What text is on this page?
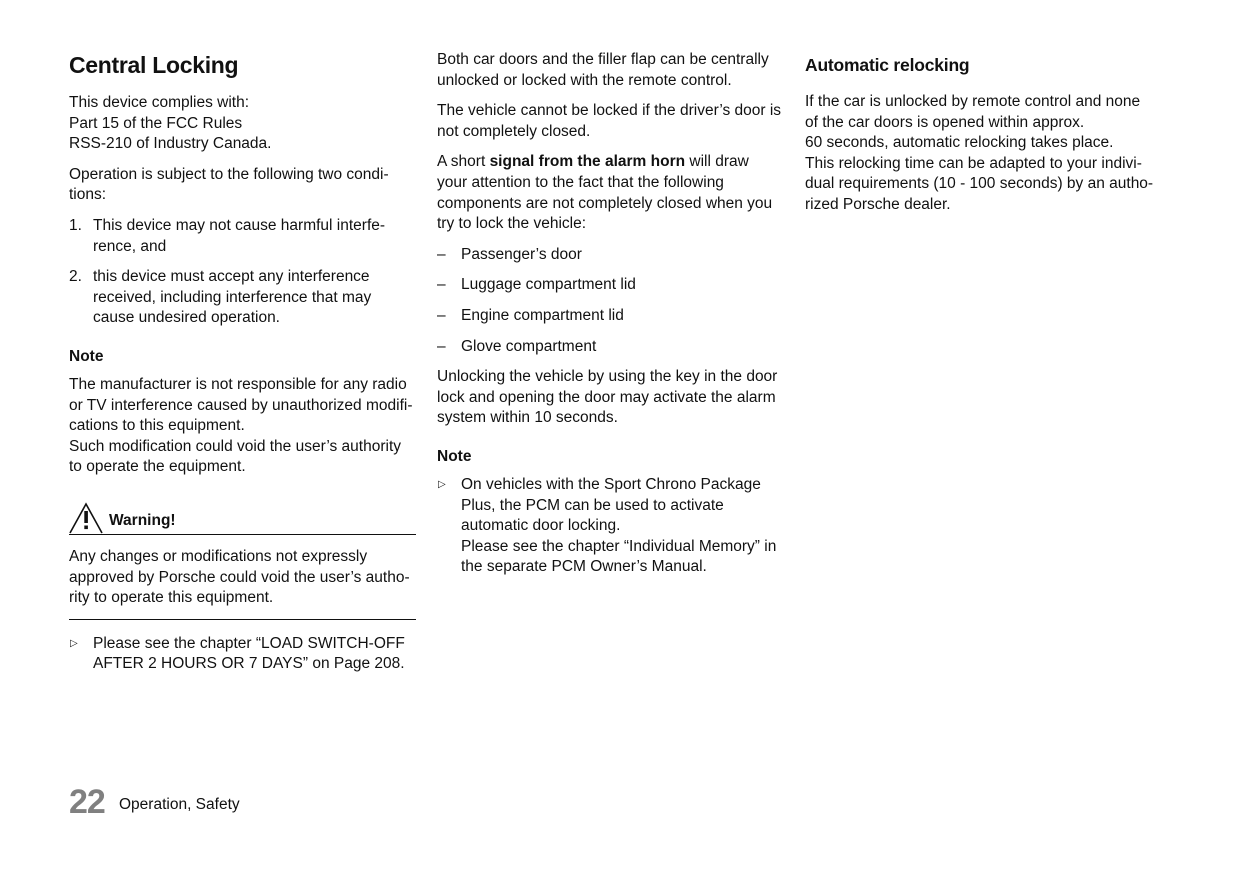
Central Locking

This device complies with:
Part 15 of the FCC Rules
RSS-210 of Industry Canada.

Operation is subject to the following two condi-
tions:

1. This device may not cause harmful interfe-
rence, and
2. this device must accept any interference
received, including interference that may
cause undesired operation.
Note

The manufacturer is not responsible for any radio
or TV interference caused by unauthorized modifi-
cations to this equipment.
Such modification could void the user’s authority
to operate the equipment.

Warning!

Any changes or modifications not expressly
approved by Porsche could void the user’s autho-
rity to operate this equipment.

▷ Please see the chapter “LOAD SWITCH-OFF
AFTER 2 HOURS OR 7 DAYS” on Page 208.

Both car doors and the filler flap can be centrally
unlocked or locked with the remote control.

The vehicle cannot be locked if the driver’s door is
not completely closed.

A short signal from the alarm horn will draw
your attention to the fact that the following
components are not completely closed when you
try to lock the vehicle:

– Passenger’s door
– Luggage compartment lid
– Engine compartment lid
– Glove compartment

Unlocking the vehicle by using the key in the door
lock and opening the door may activate the alarm
system within 10 seconds.

Note
▷ On vehicles with the Sport Chrono Package
Plus, the PCM can be used to activate
automatic door locking.
Please see the chapter “Individual Memory” in
the separate PCM Owner’s Manual.
Automatic relocking

If the car is unlocked by remote control and none
of the car doors is opened within approx.
60 seconds, automatic relocking takes place.
This relocking time can be adapted to your indivi-
dual requirements (10 - 100 seconds) by an autho-
rized Porsche dealer.

22 Operation, Safety
